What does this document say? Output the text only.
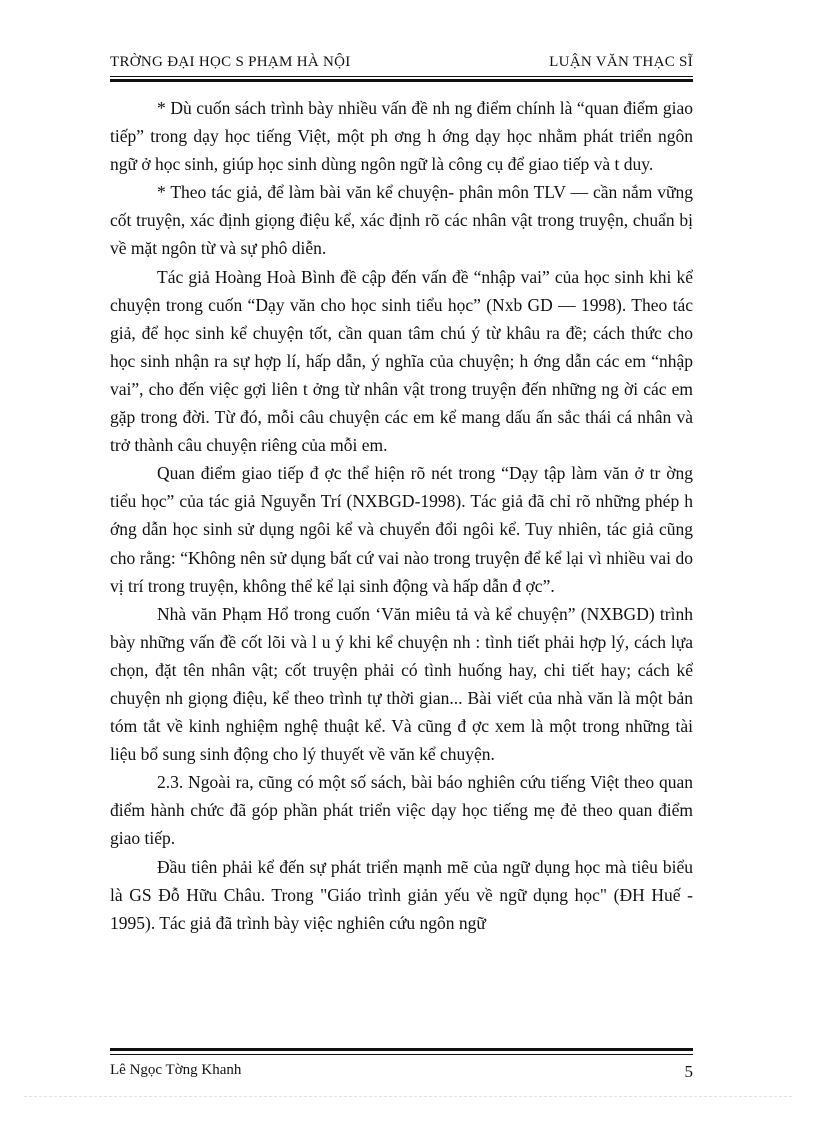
TRỜNG ĐẠI HỌC S PHẠM HÀ NỘI	LUẬN VĂN THẠC SĨ

* Dù cuốn sách trình bày nhiều vấn đề nh ng điểm chính là “quan điểm giao tiếp” trong dạy học tiếng Việt, một ph ơng h ớng dạy học nhằm phát triển ngôn ngữ ở học sinh, giúp học sinh dùng ngôn ngữ là công cụ để giao tiếp và t duy.

* Theo tác giả, để làm bài văn kể chuyện- phân môn TLV — cần nắm vững cốt truyện, xác định giọng điệu kể, xác định rõ các nhân vật trong truyện, chuẩn bị về mặt ngôn từ và sự phô diễn.

Tác giả Hoàng Hoà Bình đề cập đến vấn đề “nhập vai” của học sinh khi kể chuyện trong cuốn “Dạy văn cho học sinh tiểu học” (Nxb GD — 1998). Theo tác giả, để học sinh kể chuyện tốt, cần quan tâm chú ý từ khâu ra đề; cách thức cho học sinh nhận ra sự hợp lí, hấp dẫn, ý nghĩa của chuyện; h ớng dẫn các em “nhập vai”, cho đến việc gợi liên t ởng từ nhân vật trong truyện đến những ng ời các em gặp trong đời. Từ đó, mỗi câu chuyện các em kể mang dấu ấn sắc thái cá nhân và trở thành câu chuyện riêng của mỗi em.

Quan điểm giao tiếp đ ợc thể hiện rõ nét trong “Dạy tập làm văn ở tr ờng tiểu học” của tác giả Nguyễn Trí (NXBGD-1998). Tác giả đã chỉ rõ những phép h ớng dẫn học sinh sử dụng ngôi kể và chuyển đổi ngôi kể. Tuy nhiên, tác giả cũng cho rằng: “Không nên sử dụng bất cứ vai nào trong truyện để kể lại vì nhiều vai do vị trí trong truyện, không thể kể lại sinh động và hấp dẫn đ ợc”.

Nhà văn Phạm Hổ trong cuốn ‘Văn miêu tả và kể chuyện” (NXBGD) trình bày những vấn đề cốt lõi và l u ý khi kể chuyện nh : tình tiết phải hợp lý, cách lựa chọn, đặt tên nhân vật; cốt truyện phải có tình huống hay, chi tiết hay; cách kể chuyện nh giọng điệu, kể theo trình tự thời gian... Bài viết của nhà văn là một bản tóm tắt về kinh nghiệm nghệ thuật kể. Và cũng đ ợc xem là một trong những tài liệu bổ sung sinh động cho lý thuyết về văn kể chuyện.

2.3. Ngoài ra, cũng có một số sách, bài báo nghiên cứu tiếng Việt theo quan điểm hành chức đã góp phần phát triển việc dạy học tiếng mẹ đẻ theo quan điểm giao tiếp.

Đầu tiên phải kể đến sự phát triển mạnh mẽ của ngữ dụng học mà tiêu biểu là GS Đỗ Hữu Châu. Trong "Giáo trình giản yếu về ngữ dụng học" (ĐH Huế - 1995). Tác giả đã trình bày việc nghiên cứu ngôn ngữ

Lê Ngọc Tờng Khanh	5
